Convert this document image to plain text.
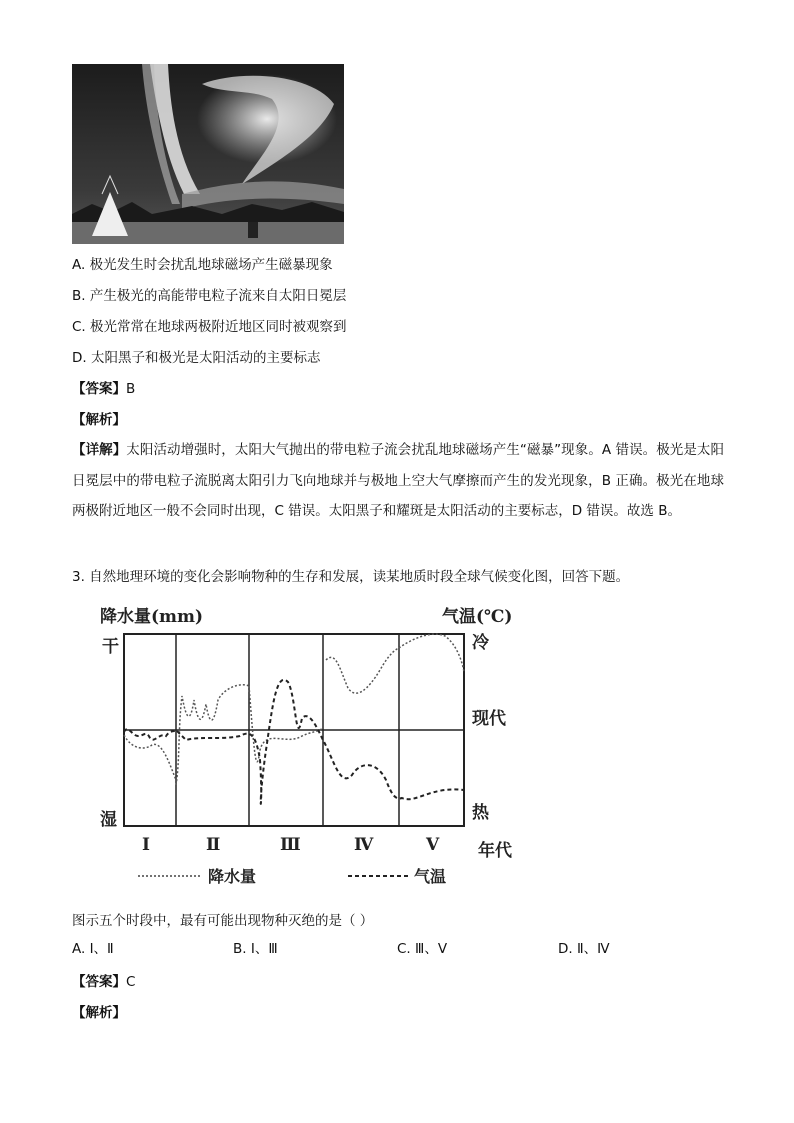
A. 极光发生时会扰乱地球磁场产生磁暴现象
B. 产生极光的高能带电粒子流来自太阳日冕层
C. 极光常常在地球两极附近地区同时被观察到
D. 太阳黑子和极光是太阳活动的主要标志
【答案】B
【解析】
【详解】太阳活动增强时，太阳大气抛出的带电粒子流会扰乱地球磁场产生“磁暴”现象。A 错误。极光是太阳日冕层中的带电粒子流脱离太阳引力飞向地球并与极地上空大气摩擦而产生的发光现象，B 正确。极光在地球两极附近地区一般不会同时出现，C 错误。太阳黑子和耀斑是太阳活动的主要标志，D 错误。故选 B。
3. 自然地理环境的变化会影响物种的生存和发展，读某地质时段全球气候变化图，回答下题。
降水量(mm)	气温(℃)
干
湿
冷
现代
热
Ⅰ	Ⅱ	Ⅲ	Ⅳ	Ⅴ 年代
降水量	气温
图示五个时段中，最有可能出现物种灭绝的是（ ）
A. Ⅰ、Ⅱ	B. Ⅰ、Ⅲ	C. Ⅲ、Ⅴ	D. Ⅱ、Ⅳ
【答案】C
【解析】
